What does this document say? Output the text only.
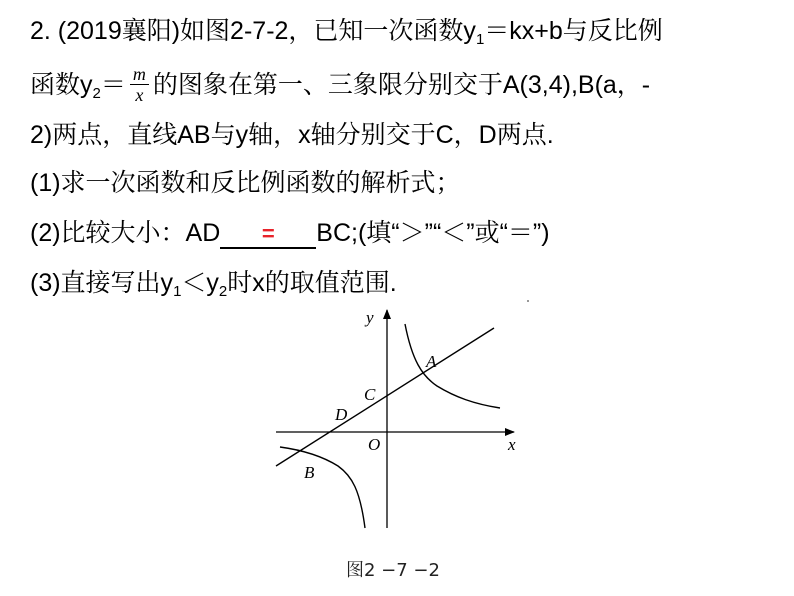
2. (2019襄阳)如图2-7-2，已知一次函数$y_1=kx+b$与反比例
函数$y_2= \frac{m}{x}$ 的图象在第一、三象限分别交于A(3,4),B(a，-
2)两点，直线AB与y轴，x轴分别交于C，D两点.
(1)求一次函数和反比例函数的解析式；
(2)比较大小：AD = BC;(填“＞”“＜”或“＝”)
(3)直接写出$y_1<y_2$时x的取值范围.
y
x
O
A
B
C
D
图2 −7 −2
